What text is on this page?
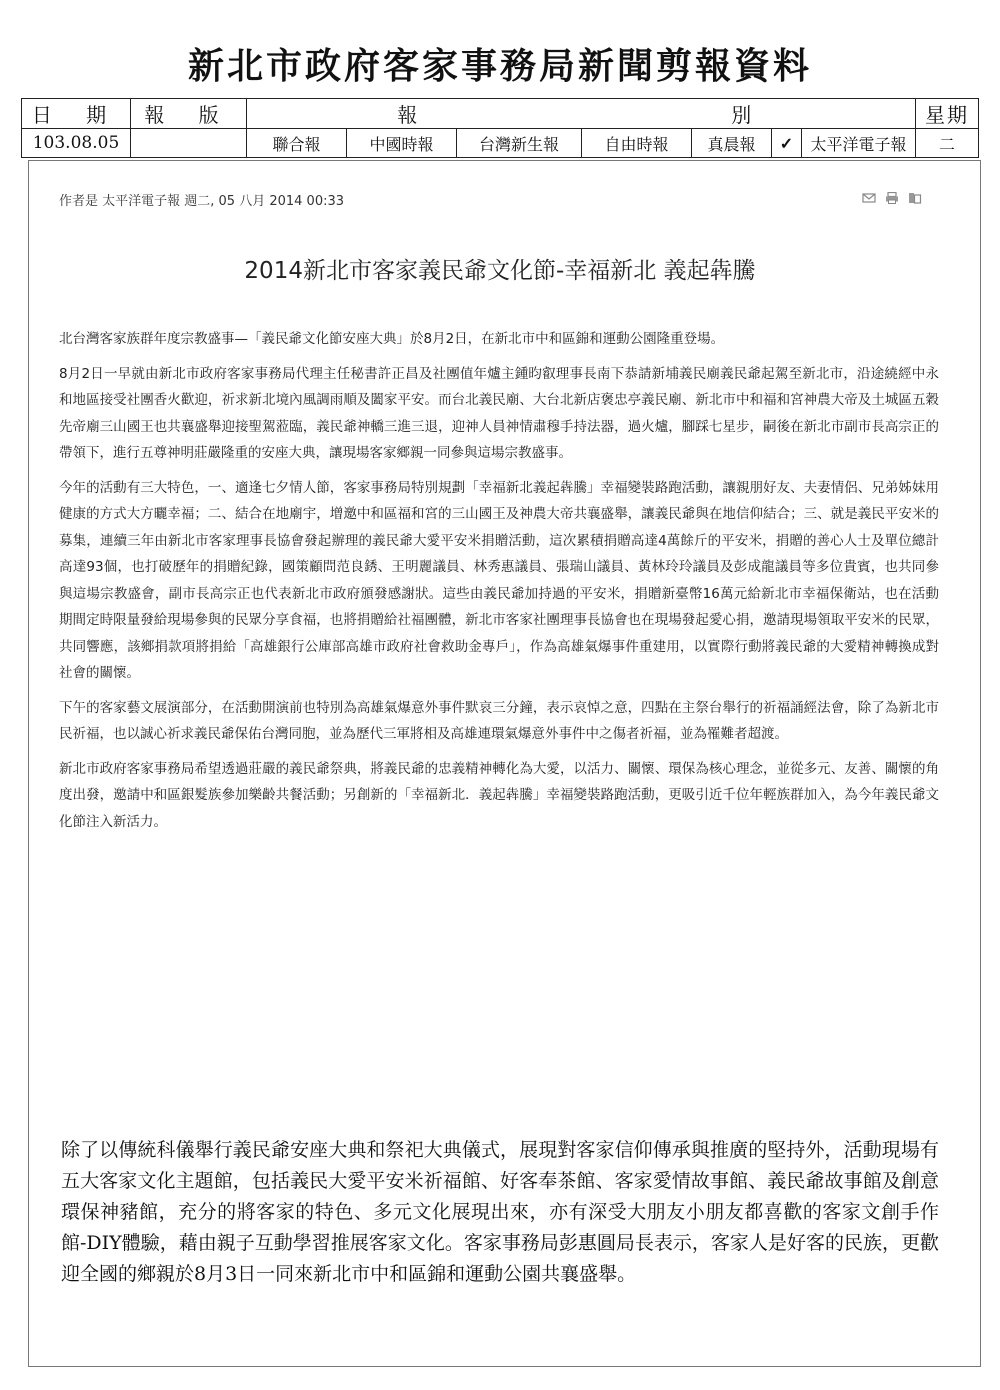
新北市政府客家事務局新聞剪報資料
日 期	報 版	報			別				星期
103.08.05		聯合報	中國時報	台灣新生報	自由時報	真晨報	✓	太平洋電子報	二
作者是 太平洋電子報 週二, 05 八月 2014 00:33
2014新北市客家義民爺文化節-幸福新北 義起犇騰

北台灣客家族群年度宗教盛事—「義民爺文化節安座大典」於8月2日，在新北市中和區錦和運動公園隆重登場。

8月2日一早就由新北市政府客家事務局代理主任秘書許正昌及社團值年爐主鍾昀叡理事長南下恭請新埔義民廟義民爺起駕至新北市，沿途繞經中永和地區接受社團香火歡迎，祈求新北境內風調雨順及闔家平安。而台北義民廟、大台北新店褒忠亭義民廟、新北市中和福和宮神農大帝及土城區五穀先帝廟三山國王也共襄盛舉迎接聖駕蒞臨，義民爺神轎三進三退，迎神人員神情肅穆手持法器，過火爐，腳踩七星步，嗣後在新北市副市長高宗正的帶領下，進行五尊神明莊嚴隆重的安座大典，讓現場客家鄉親一同參與這場宗教盛事。

今年的活動有三大特色，一、適逢七夕情人節，客家事務局特別規劃「幸福新北義起犇騰」幸福變裝路跑活動，讓親朋好友、夫妻情侶、兄弟姊妹用健康的方式大方曬幸福；二、結合在地廟宇，增邀中和區福和宮的三山國王及神農大帝共襄盛舉，讓義民爺與在地信仰結合；三、就是義民平安米的募集，連續三年由新北市客家理事長協會發起辦理的義民爺大愛平安米捐贈活動，這次累積捐贈高達4萬餘斤的平安米，捐贈的善心人士及單位總計高達93個，也打破歷年的捐贈紀錄，國策顧問范良銹、王明麗議員、林秀惠議員、張瑞山議員、黃林玲玲議員及彭成龍議員等多位貴賓，也共同參與這場宗教盛會，副市長高宗正也代表新北市政府頒發感謝狀。這些由義民爺加持過的平安米，捐贈新臺幣16萬元給新北市幸福保衛站，也在活動期間定時限量發給現場參與的民眾分享食福，也將捐贈給社福團體，新北市客家社團理事長協會也在現場發起愛心捐，邀請現場領取平安米的民眾，共同響應，該鄉捐款項將捐給「高雄銀行公庫部高雄市政府社會救助金專戶」，作為高雄氣爆事件重建用，以實際行動將義民爺的大愛精神轉換成對社會的關懷。

下午的客家藝文展演部分，在活動開演前也特別為高雄氣爆意外事件默哀三分鐘，表示哀悼之意，四點在主祭台舉行的祈福誦經法會，除了為新北市民祈福，也以誠心祈求義民爺保佑台灣同胞，並為歷代三軍將相及高雄連環氣爆意外事件中之傷者祈福，並為罹難者超渡。

新北市政府客家事務局希望透過莊嚴的義民爺祭典，將義民爺的忠義精神轉化為大愛，以活力、關懷、環保為核心理念，並從多元、友善、關懷的角度出發，邀請中和區銀髮族參加樂齡共餐活動；另創新的「幸福新北．義起犇騰」幸福變裝路跑活動，更吸引近千位年輕族群加入，為今年義民爺文化節注入新活力。

除了以傳統科儀舉行義民爺安座大典和祭祀大典儀式，展現對客家信仰傳承與推廣的堅持外，活動現場有五大客家文化主題館，包括義民大愛平安米祈福館、好客奉茶館、客家愛情故事館、義民爺故事館及創意環保神豬館，充分的將客家的特色、多元文化展現出來，亦有深受大朋友小朋友都喜歡的客家文創手作館-DIY體驗，藉由親子互動學習推展客家文化。客家事務局彭惠圓局長表示，客家人是好客的民族，更歡迎全國的鄉親於8月3日一同來新北市中和區錦和運動公園共襄盛舉。
